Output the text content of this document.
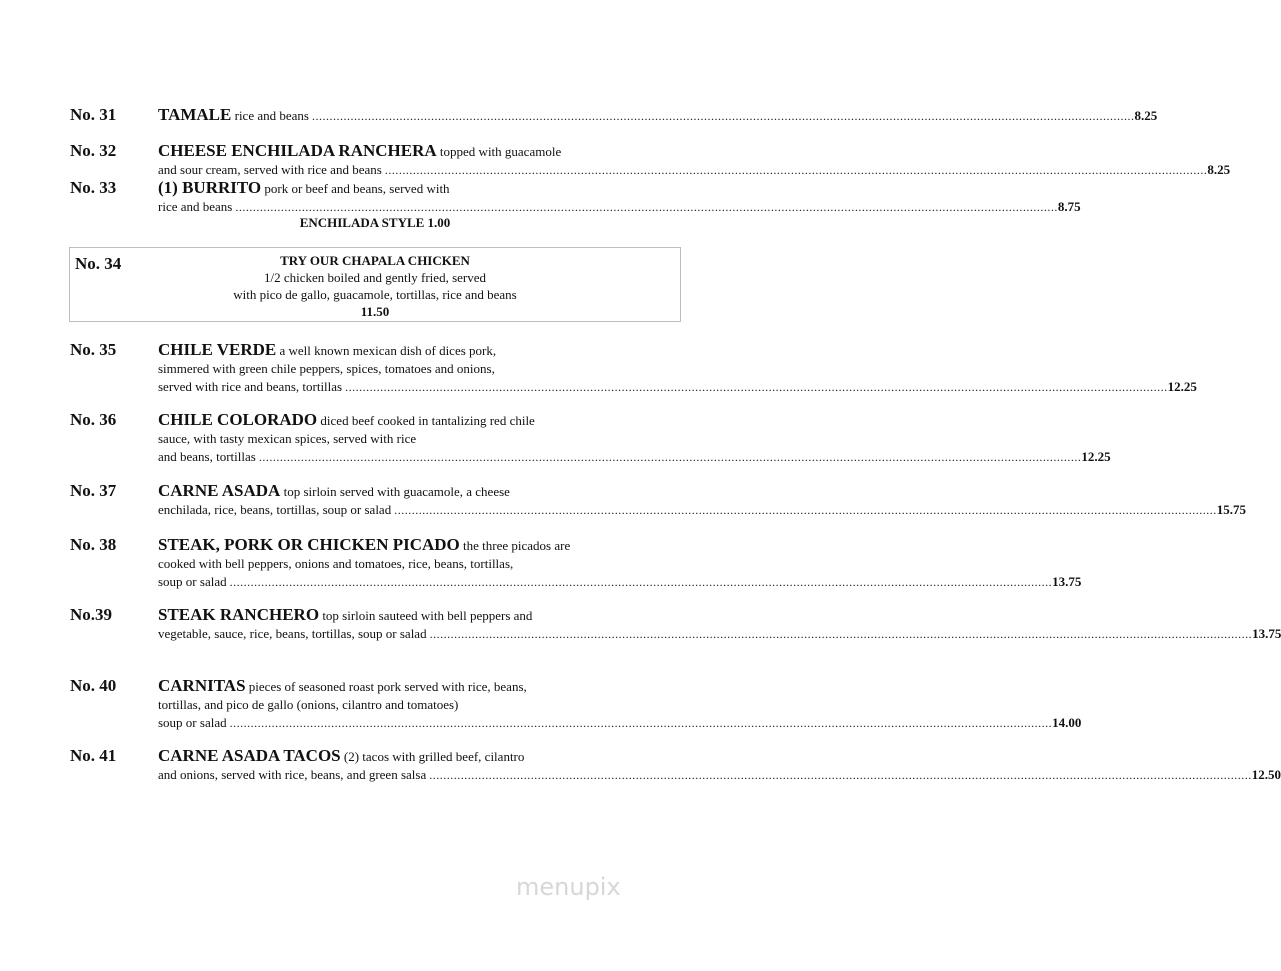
No. 31 TAMALE rice and beans ........................................................................................................................................................................................................................................... 8.25
No. 32 CHEESE ENCHILADA RANCHERA topped with guacamole
and sour cream, served with rice and beans ........................................................................................................................................................................................................................................... 8.25
No. 33 (1) BURRITO pork or beef and beans, served with
rice and beans ........................................................................................................................................................................................................................................... 8.75
No. 35 CHILE VERDE a well known mexican dish of dices pork,
simmered with green chile peppers, spices, tomatoes and onions,
served with rice and beans, tortillas ........................................................................................................................................................................................................................................... 12.25
No. 36 CHILE COLORADO diced beef cooked in tantalizing red chile
sauce, with tasty mexican spices, served with rice
and beans, tortillas ........................................................................................................................................................................................................................................... 12.25
No. 37 CARNE ASADA top sirloin served with guacamole, a cheese
enchilada, rice, beans, tortillas, soup or salad ........................................................................................................................................................................................................................................... 15.75
No. 38 STEAK, PORK OR CHICKEN PICADO the three picados are
cooked with bell peppers, onions and tomatoes, rice, beans, tortillas,
soup or salad ........................................................................................................................................................................................................................................... 13.75
No.39	STEAK RANCHERO top sirloin sauteed with bell peppers and
vegetable, sauce, rice, beans, tortillas, soup or salad ........................................................................................................................................................................................................................................... 13.75
No. 40 CARNITAS pieces of seasoned roast pork served with rice, beans,
tortillas, and pico de gallo (onions, cilantro and tomatoes)
soup or salad ........................................................................................................................................................................................................................................... 14.00
No. 41 CARNE ASADA TACOS (2) tacos with grilled beef, cilantro
and onions, served with rice, beans, and green salsa ........................................................................................................................................................................................................................................... 12.50
ENCHILADA STYLE 1.00
No. 34	TRY OUR CHAPALA CHICKEN
1/2 chicken boiled and gently fried, served
with pico de gallo, guacamole, tortillas, rice and beans
11.50
menupix
